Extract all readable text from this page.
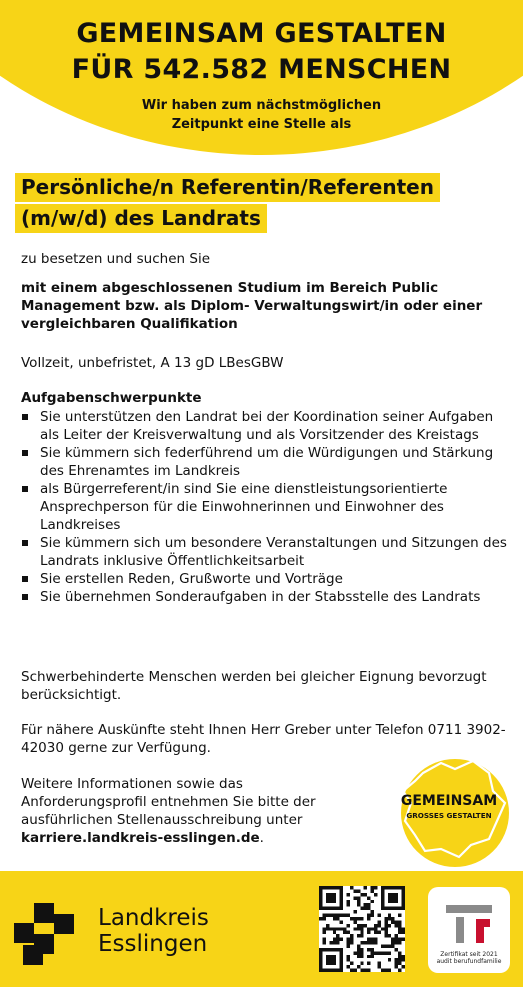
GEMEINSAM GESTALTEN
FÜR 542.582 MENSCHEN
Wir haben zum nächstmöglichen
Zeitpunkt eine Stelle als
Persönliche/n Referentin/Referenten
(m/w/d) des Landrats
zu besetzen und suchen Sie
mit einem abgeschlossenen Studium im Bereich Public Management bzw. als Diplom- Verwaltungswirt/in oder einer vergleichbaren Qualifikation
Vollzeit, unbefristet, A 13 gD LBesGBW
Aufgabenschwerpunkte
Sie unterstützen den Landrat bei der Koordination seiner Aufgaben als Leiter der Kreisverwaltung und als Vorsitzender des Kreistags
Sie kümmern sich federführend um die Würdigungen und Stärkung des Ehrenamtes im Landkreis
als Bürgerreferent/in sind Sie eine dienstleistungsorientierte Ansprechperson für die Einwohnerinnen und Einwohner des Landkreises
Sie kümmern sich um besondere Veranstaltungen und Sitzungen des Landrats inklusive Öffentlichkeitsarbeit
Sie erstellen Reden, Grußworte und Vorträge
Sie übernehmen Sonderaufgaben in der Stabsstelle des Landrats
Schwerbehinderte Menschen werden bei gleicher Eignung bevorzugt berücksichtigt.
Für nähere Auskünfte steht Ihnen Herr Greber unter Telefon 0711 3902-42030 gerne zur Verfügung.
Weitere Informationen sowie das Anforderungsprofil entnehmen Sie bitte der ausführlichen Stellenausschreibung unter karriere.landkreis-esslingen.de.
GEMEINSAM
GROSSES GESTALTEN
Landkreis
Esslingen	Zertifikat seit 2021
audit berufundfamilie
